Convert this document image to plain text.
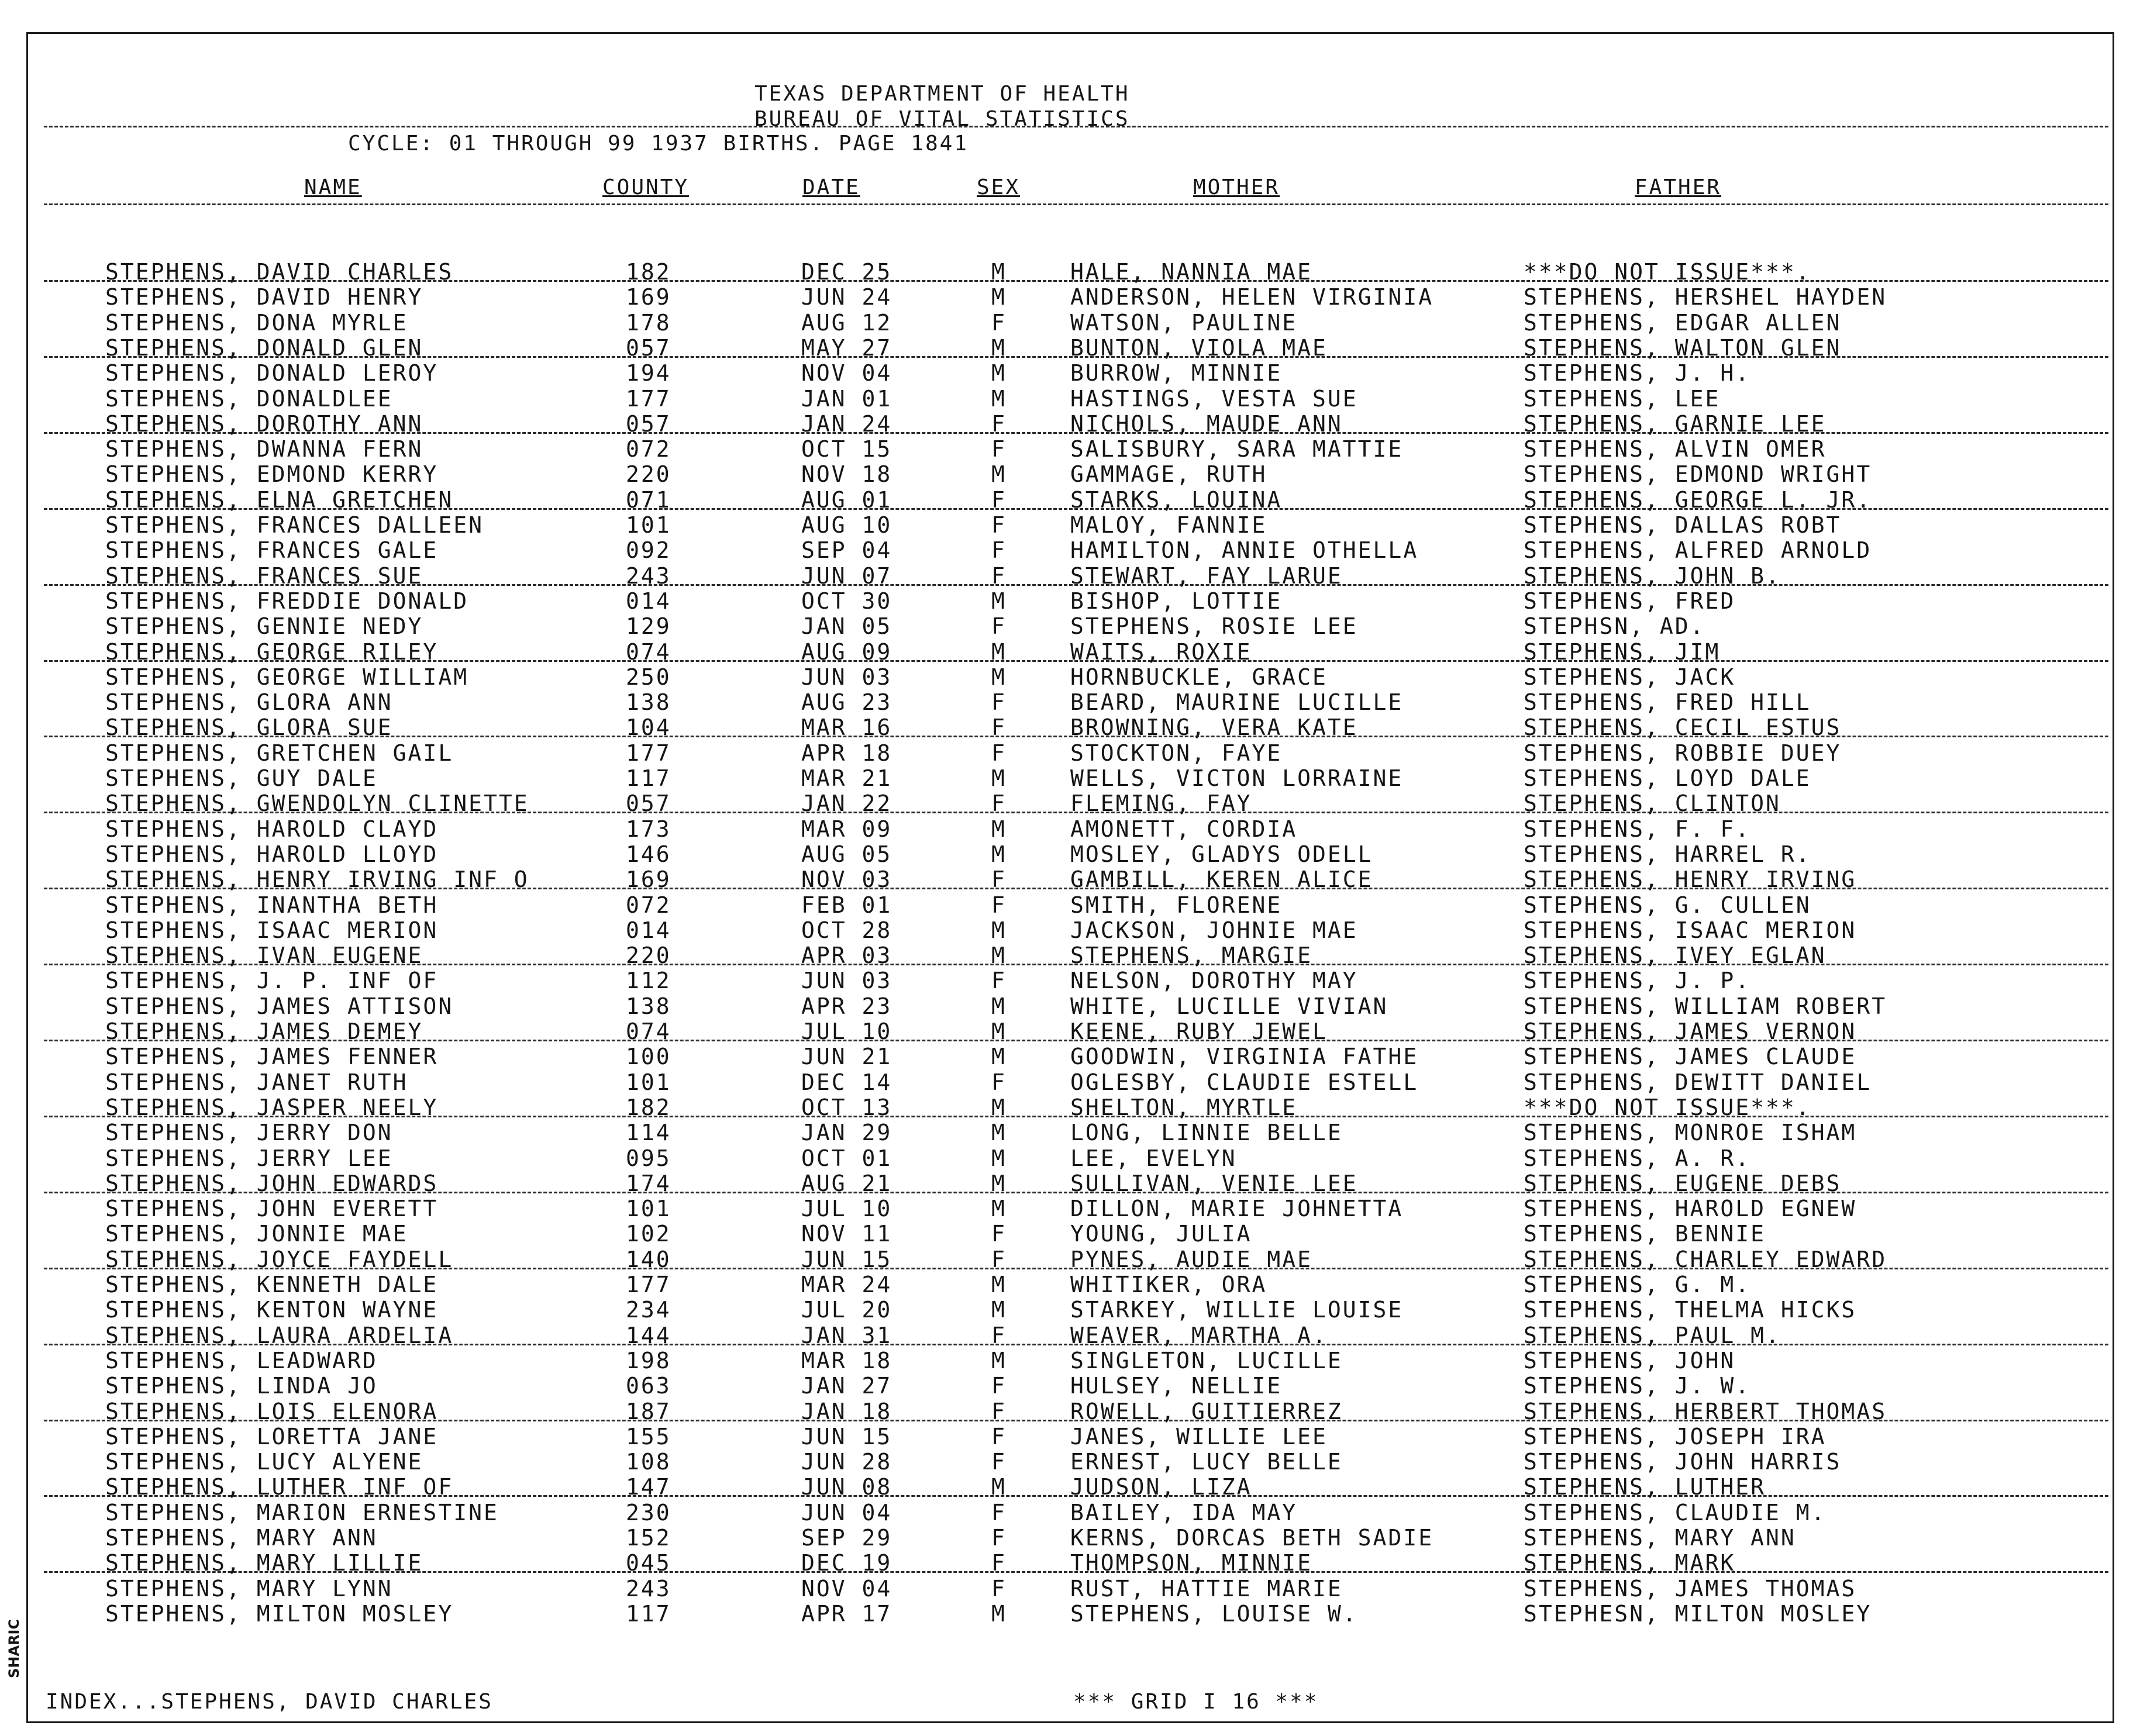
TEXAS DEPARTMENT OF HEALTH
BUREAU OF VITAL STATISTICS
CYCLE: 01 THROUGH 99 1937 BIRTHS. PAGE 1841
NAME	COUNTY	DATE	SEX	MOTHER	FATHER
STEPHENS, DAVID CHARLES	182	DEC 25	M	HALE, NANNIA MAE	***DO NOT ISSUE***.
STEPHENS, DAVID HENRY	169	JUN 24	M	ANDERSON, HELEN VIRGINIA	STEPHENS, HERSHEL HAYDEN
STEPHENS, DONA MYRLE	178	AUG 12	F	WATSON, PAULINE	STEPHENS, EDGAR ALLEN
STEPHENS, DONALD GLEN	057	MAY 27	M	BUNTON, VIOLA MAE	STEPHENS, WALTON GLEN
STEPHENS, DONALD LEROY	194	NOV 04	M	BURROW, MINNIE	STEPHENS, J. H.
STEPHENS, DONALDLEE	177	JAN 01	M	HASTINGS, VESTA SUE	STEPHENS, LEE
STEPHENS, DOROTHY ANN	057	JAN 24	F	NICHOLS, MAUDE ANN	STEPHENS, GARNIE LEE
STEPHENS, DWANNA FERN	072	OCT 15	F	SALISBURY, SARA MATTIE	STEPHENS, ALVIN OMER
STEPHENS, EDMOND KERRY	220	NOV 18	M	GAMMAGE, RUTH	STEPHENS, EDMOND WRIGHT
STEPHENS, ELNA GRETCHEN	071	AUG 01	F	STARKS, LOUINA	STEPHENS, GEORGE L. JR.
STEPHENS, FRANCES DALLEEN	101	AUG 10	F	MALOY, FANNIE	STEPHENS, DALLAS ROBT
STEPHENS, FRANCES GALE	092	SEP 04	F	HAMILTON, ANNIE OTHELLA	STEPHENS, ALFRED ARNOLD
STEPHENS, FRANCES SUE	243	JUN 07	F	STEWART, FAY LARUE	STEPHENS, JOHN B.
STEPHENS, FREDDIE DONALD	014	OCT 30	M	BISHOP, LOTTIE	STEPHENS, FRED
STEPHENS, GENNIE NEDY	129	JAN 05	F	STEPHENS, ROSIE LEE	STEPHSN, AD.
STEPHENS, GEORGE RILEY	074	AUG 09	M	WAITS, ROXIE	STEPHENS, JIM
STEPHENS, GEORGE WILLIAM	250	JUN 03	M	HORNBUCKLE, GRACE	STEPHENS, JACK
STEPHENS, GLORA ANN	138	AUG 23	F	BEARD, MAURINE LUCILLE	STEPHENS, FRED HILL
STEPHENS, GLORA SUE	104	MAR 16	F	BROWNING, VERA KATE	STEPHENS, CECIL ESTUS
STEPHENS, GRETCHEN GAIL	177	APR 18	F	STOCKTON, FAYE	STEPHENS, ROBBIE DUEY
STEPHENS, GUY DALE	117	MAR 21	M	WELLS, VICTON LORRAINE	STEPHENS, LOYD DALE
STEPHENS, GWENDOLYN CLINETTE	057	JAN 22	F	FLEMING, FAY	STEPHENS, CLINTON
STEPHENS, HAROLD CLAYD	173	MAR 09	M	AMONETT, CORDIA	STEPHENS, F. F.
STEPHENS, HAROLD LLOYD	146	AUG 05	M	MOSLEY, GLADYS ODELL	STEPHENS, HARREL R.
STEPHENS, HENRY IRVING INF O	169	NOV 03	F	GAMBILL, KEREN ALICE	STEPHENS, HENRY IRVING
STEPHENS, INANTHA BETH	072	FEB 01	F	SMITH, FLORENE	STEPHENS, G. CULLEN
STEPHENS, ISAAC MERION	014	OCT 28	M	JACKSON, JOHNIE MAE	STEPHENS, ISAAC MERION
STEPHENS, IVAN EUGENE	220	APR 03	M	STEPHENS, MARGIE	STEPHENS, IVEY EGLAN
STEPHENS, J. P. INF OF	112	JUN 03	F	NELSON, DOROTHY MAY	STEPHENS, J. P.
STEPHENS, JAMES ATTISON	138	APR 23	M	WHITE, LUCILLE VIVIAN	STEPHENS, WILLIAM ROBERT
STEPHENS, JAMES DEMEY	074	JUL 10	M	KEENE, RUBY JEWEL	STEPHENS, JAMES VERNON
STEPHENS, JAMES FENNER	100	JUN 21	M	GOODWIN, VIRGINIA FATHE	STEPHENS, JAMES CLAUDE
STEPHENS, JANET RUTH	101	DEC 14	F	OGLESBY, CLAUDIE ESTELL	STEPHENS, DEWITT DANIEL
STEPHENS, JASPER NEELY	182	OCT 13	M	SHELTON, MYRTLE	***DO NOT ISSUE***.
STEPHENS, JERRY DON	114	JAN 29	M	LONG, LINNIE BELLE	STEPHENS, MONROE ISHAM
STEPHENS, JERRY LEE	095	OCT 01	M	LEE, EVELYN	STEPHENS, A. R.
STEPHENS, JOHN EDWARDS	174	AUG 21	M	SULLIVAN, VENIE LEE	STEPHENS, EUGENE DEBS
STEPHENS, JOHN EVERETT	101	JUL 10	M	DILLON, MARIE JOHNETTA	STEPHENS, HAROLD EGNEW
STEPHENS, JONNIE MAE	102	NOV 11	F	YOUNG, JULIA	STEPHENS, BENNIE
STEPHENS, JOYCE FAYDELL	140	JUN 15	F	PYNES, AUDIE MAE	STEPHENS, CHARLEY EDWARD
STEPHENS, KENNETH DALE	177	MAR 24	M	WHITIKER, ORA	STEPHENS, G. M.
STEPHENS, KENTON WAYNE	234	JUL 20	M	STARKEY, WILLIE LOUISE	STEPHENS, THELMA HICKS
STEPHENS, LAURA ARDELIA	144	JAN 31	F	WEAVER, MARTHA A.	STEPHENS, PAUL M.
STEPHENS, LEADWARD	198	MAR 18	M	SINGLETON, LUCILLE	STEPHENS, JOHN
STEPHENS, LINDA JO	063	JAN 27	F	HULSEY, NELLIE	STEPHENS, J. W.
STEPHENS, LOIS ELENORA	187	JAN 18	F	ROWELL, GUITIERREZ	STEPHENS, HERBERT THOMAS
STEPHENS, LORETTA JANE	155	JUN 15	F	JANES, WILLIE LEE	STEPHENS, JOSEPH IRA
STEPHENS, LUCY ALYENE	108	JUN 28	F	ERNEST, LUCY BELLE	STEPHENS, JOHN HARRIS
STEPHENS, LUTHER INF OF	147	JUN 08	M	JUDSON, LIZA	STEPHENS, LUTHER
STEPHENS, MARION ERNESTINE	230	JUN 04	F	BAILEY, IDA MAY	STEPHENS, CLAUDIE M.
STEPHENS, MARY ANN	152	SEP 29	F	KERNS, DORCAS BETH SADIE	STEPHENS, MARY ANN
STEPHENS, MARY LILLIE	045	DEC 19	F	THOMPSON, MINNIE	STEPHENS, MARK
STEPHENS, MARY LYNN	243	NOV 04	F	RUST, HATTIE MARIE	STEPHENS, JAMES THOMAS
STEPHENS, MILTON MOSLEY	117	APR 17	M	STEPHENS, LOUISE W.	STEPHESN, MILTON MOSLEY
INDEX...STEPHENS, DAVID CHARLES	*** GRID I 16 ***
SHARIC
